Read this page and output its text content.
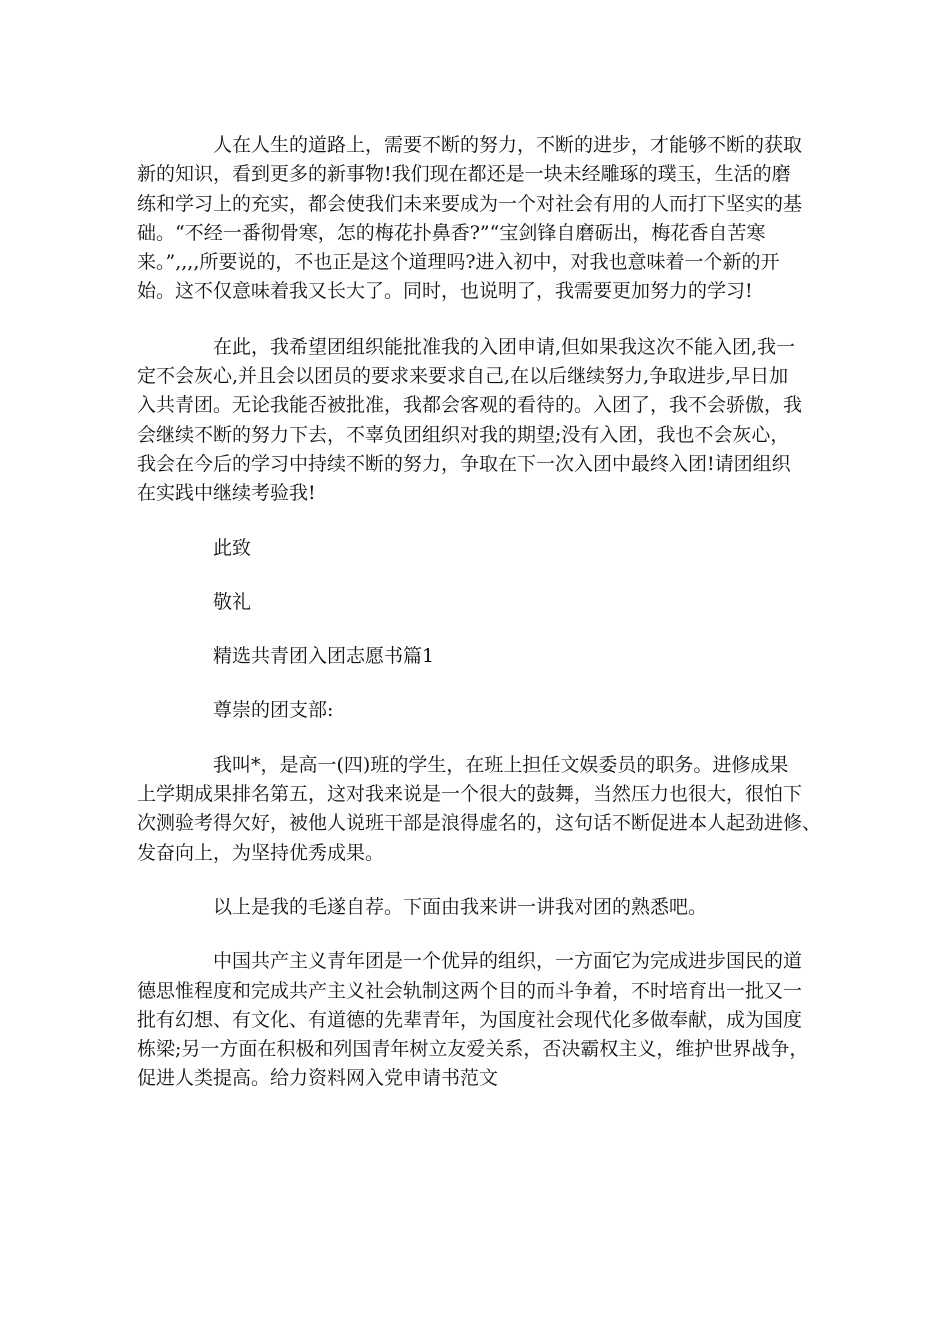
人在人生的道路上，需要不断的努力，不断的进步，才能够不断的获取
新的知识，看到更多的新事物!我们现在都还是一块未经雕琢的璞玉，生活的磨
练和学习上的充实，都会使我们未来要成为一个对社会有用的人而打下坚实的基
础。“不经一番彻骨寒，怎的梅花扑鼻香?”“宝剑锋自磨砺出，梅花香自苦寒
来。”,,,,所要说的，不也正是这个道理吗?进入初中，对我也意味着一个新的开
始。这不仅意味着我又长大了。同时，也说明了，我需要更加努力的学习!
在此，我希望团组织能批准我的入团申请,但如果我这次不能入团,我一
定不会灰心,并且会以团员的要求来要求自己,在以后继续努力,争取进步,早日加
入共青团。无论我能否被批准，我都会客观的看待的。入团了，我不会骄傲，我
会继续不断的努力下去，不辜负团组织对我的期望;没有入团，我也不会灰心，
我会在今后的学习中持续不断的努力，争取在下一次入团中最终入团!请团组织
在实践中继续考验我!
此致
敬礼
精选共青团入团志愿书篇1
尊崇的团支部:
我叫*，是高一(四)班的学生，在班上担任文娱委员的职务。进修成果
上学期成果排名第五，这对我来说是一个很大的鼓舞，当然压力也很大，很怕下
次测验考得欠好，被他人说班干部是浪得虚名的，这句话不断促进本人起劲进修、
发奋向上，为坚持优秀成果。
以上是我的毛遂自荐。下面由我来讲一讲我对团的熟悉吧。
中国共产主义青年团是一个优异的组织，一方面它为完成进步国民的道
德思惟程度和完成共产主义社会轨制这两个目的而斗争着，不时培育出一批又一
批有幻想、有文化、有道德的先辈青年，为国度社会现代化多做奉献，成为国度
栋梁;另一方面在积极和列国青年树立友爱关系，否决霸权主义，维护世界战争，
促进人类提高。给力资料网入党申请书范文
